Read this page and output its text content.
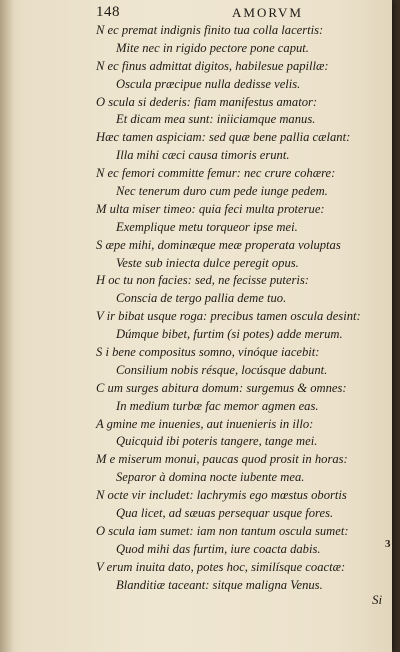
148	AMORVM
N ec premat indignis finito tua colla lacertis:
Mite nec in rigido pectore pone caput.
N ec finus admittat digitos, habilesue papillæ:
Oscula præcipue nulla dedisse velis.
O scula si dederis: fiam manifestus amator:
Et dicam mea sunt: iniiciamque manus.
Hæc tamen aspiciam: sed quæ bene pallia cælant:
Illa mihi cæci causa timoris erunt.
N ec femori committe femur: nec crure cohære:
Nec tenerum duro cum pede iunge pedem.
M ulta miser timeo: quia feci multa proterue:
Exemplique metu torqueor ipse mei.
S æpe mihi, dominæque meæ properata voluptas
Veste sub iniecta dulce peregit opus.
H oc tu non facies: sed, ne fecisse puteris:
Conscia de tergo pallia deme tuo.
V ir bibat usque roga: precibus tamen oscula desint:
Dúmque bibet, furtim (si potes) adde merum.
S i bene compositus somno, vinóque iacebit:
Consilium nobis résque, locúsque dabunt.
C um surges abitura domum: surgemus & omnes:
In medium turbæ fac memor agmen eas.
A gmine me inuenies, aut inuenieris in illo:
Quicquid ibi poteris tangere, tange mei.
M e miserum monui, paucas quod prosit in horas:
Separor à domina nocte iubente mea.
N octe vir includet: lachrymis ego mœstus obortis
Qua licet, ad sæuas persequar usque fores.
O scula iam sumet: iam non tantum oscula sumet:
Quod mihi das furtim, iure coacta dabis.
V erum inuita dato, potes hoc, similísque coactæ:
Blanditiæ taceant: sitque maligna Venus.
3
Si
